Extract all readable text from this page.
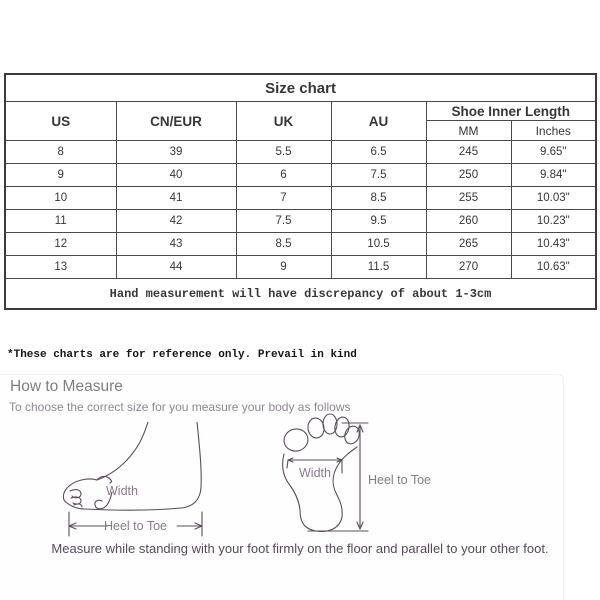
Size chart					
US	CN/EUR	UK	AU	Shoe Inner Length	
				MM	Inches
8	39	5.5	6.5	245	9.65"
9	40	6	7.5	250	9.84"
10	41	7	8.5	255	10.03"
11	42	7.5	9.5	260	10.23"
12	43	8.5	10.5	265	10.43"
13	44	9	11.5	270	10.63"
Hand measurement will have discrepancy of about 1-3cm					
*These charts are for reference only. Prevail in kind
How to Measure
To choose the correct size for you measure your body as follows
Width
Heel to Toe
Width	Heel to Toe
Measure while standing with your foot firmly on the floor and parallel to your other foot.
